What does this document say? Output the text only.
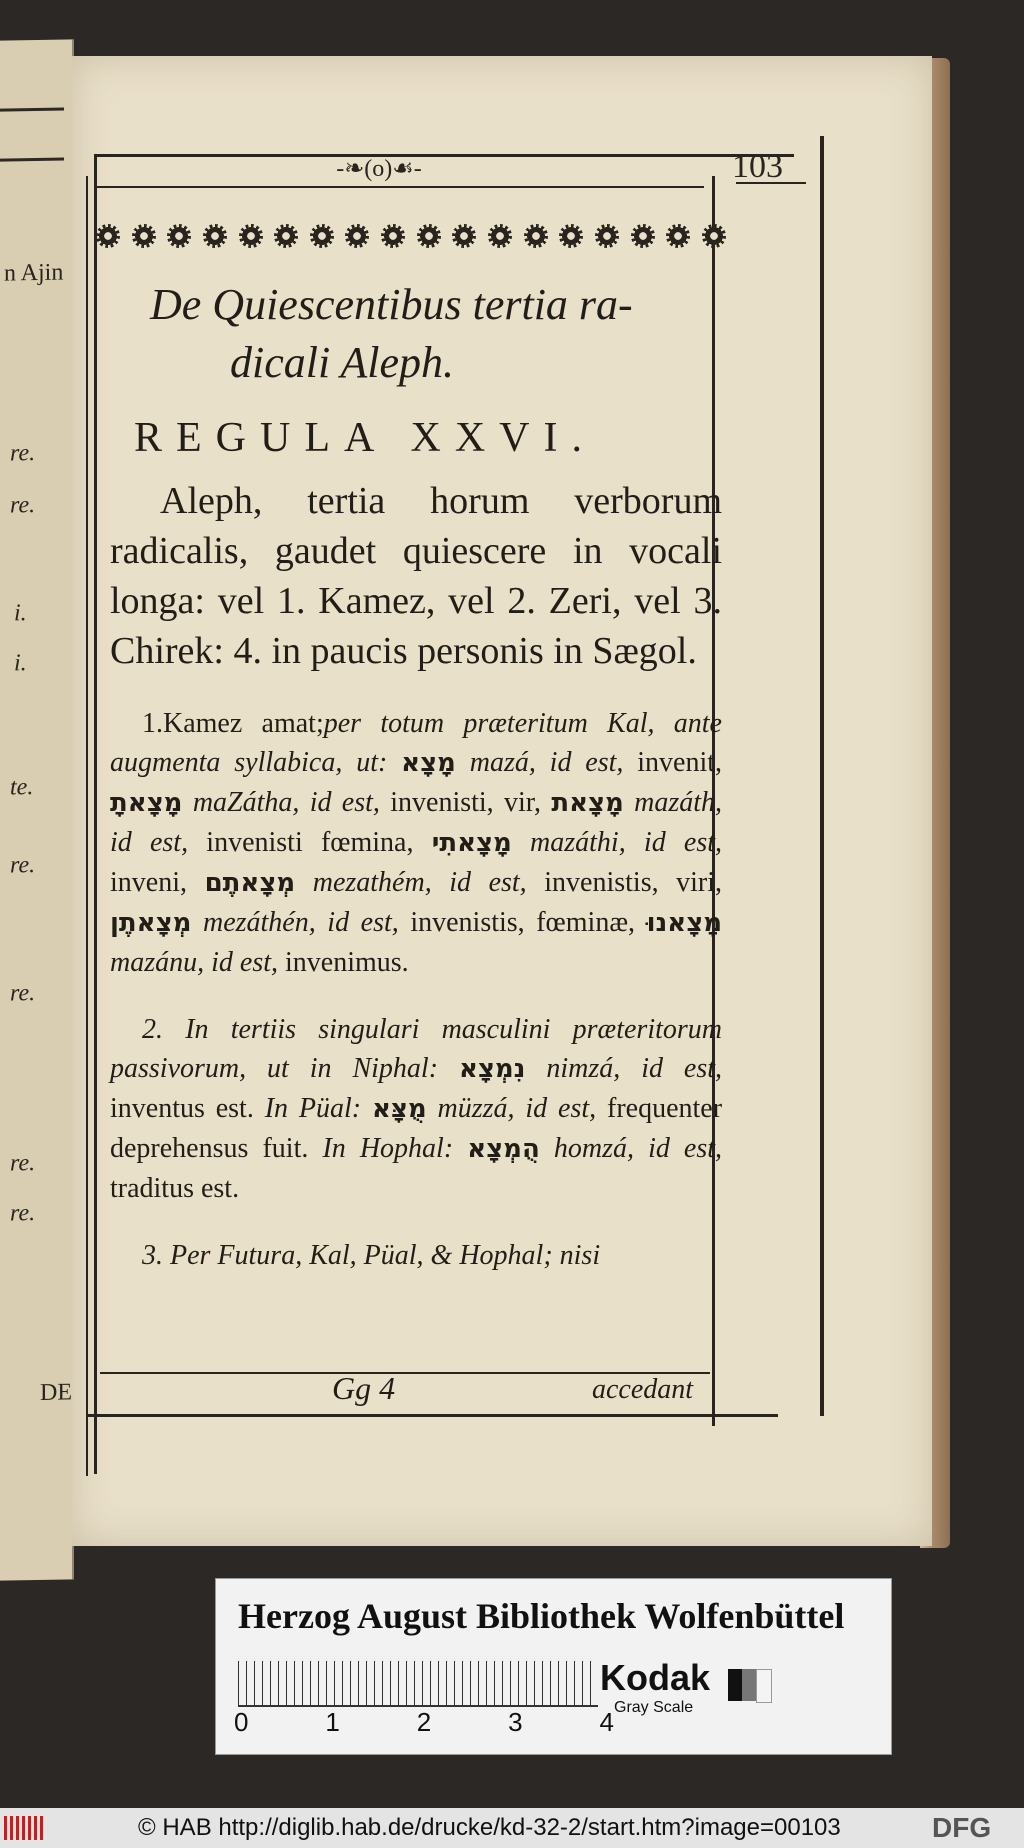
n Ajin
re.
re.
i.
i.
te.
re.
re.
re.
re.
DE
-❧(o)☙-	103
De Quiescentibus tertia ra-
dicali Aleph.
REGULA XXVI.

Aleph, tertia horum verborum radicalis, gaudet quiescere in vocali longa: vel 1. Kamez, vel 2. Zeri, vel 3. Chirek: 4. in paucis personis in Sægol.

1.Kamez amat;per totum præteritum Kal, ante augmenta syllabica, ut: מָצָא mazá, id est, invenit, מָצָאתָ maZátha, id est, invenisti, vir, מָצָאת mazáth, id est, invenisti fœmina, מָצָאתִי mazáthi, id est, inveni, מְצָאתֶם mezathém, id est, invenistis, viri, מְצָאתֶן mezáthén, id est, invenistis, fœminæ, מָצָאנוּ mazánu, id est, invenimus.

2. In tertiis singulari masculini præteritorum passivorum, ut in Niphal: נִמְצָא nimzá, id est, inventus est. In Püal: מֻצָּא müzzá, id est, frequenter deprehensus fuit. In Hophal: הֻמְצָא homzá, id est, traditus est.

3. Per Futura, Kal, Püal, & Hophal; nisi

Gg 4	accedant
Herzog August Bibliothek Wolfenbüttel
0	1	2	3	4
Kodak
Gray Scale
© HAB http://diglib.hab.de/drucke/kd-32-2/start.htm?image=00103	DFG
